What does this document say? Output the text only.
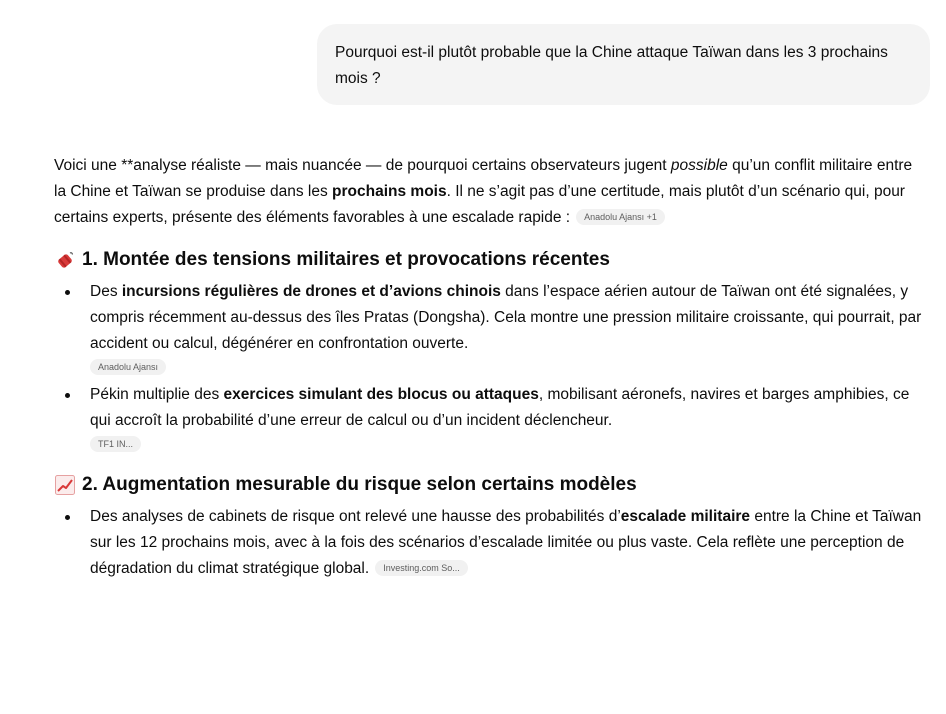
Pourquoi est-il plutôt probable que la Chine attaque Taïwan dans les 3 prochains mois ?

Voici une **analyse réaliste — mais nuancée — de pourquoi certains observateurs jugent possible qu’un conflit militaire entre la Chine et Taïwan se produise dans les prochains mois. Il ne s’agit pas d’une certitude, mais plutôt d’un scénario qui, pour certains experts, présente des éléments favorables à une escalade rapide : Anadolu Ajansı +1

1. Montée des tensions militaires et provocations récentes
Des incursions régulières de drones et d’avions chinois dans l’espace aérien autour de Taïwan ont été signalées, y compris récemment au-dessus des îles Pratas (Dongsha). Cela montre une pression militaire croissante, qui pourrait, par accident ou calcul, dégénérer en confrontation ouverte.
Anadolu Ajansı
Pékin multiplie des exercices simulant des blocus ou attaques, mobilisant aéronefs, navires et barges amphibies, ce qui accroît la probabilité d’une erreur de calcul ou d’un incident déclencheur.
TF1 IN...
2. Augmentation mesurable du risque selon certains modèles
Des analyses de cabinets de risque ont relevé une hausse des probabilités d’escalade militaire entre la Chine et Taïwan sur les 12 prochains mois, avec à la fois des scénarios d’escalade limitée ou plus vaste. Cela reflète une perception de dégradation du climat stratégique global. Investing.com So...
